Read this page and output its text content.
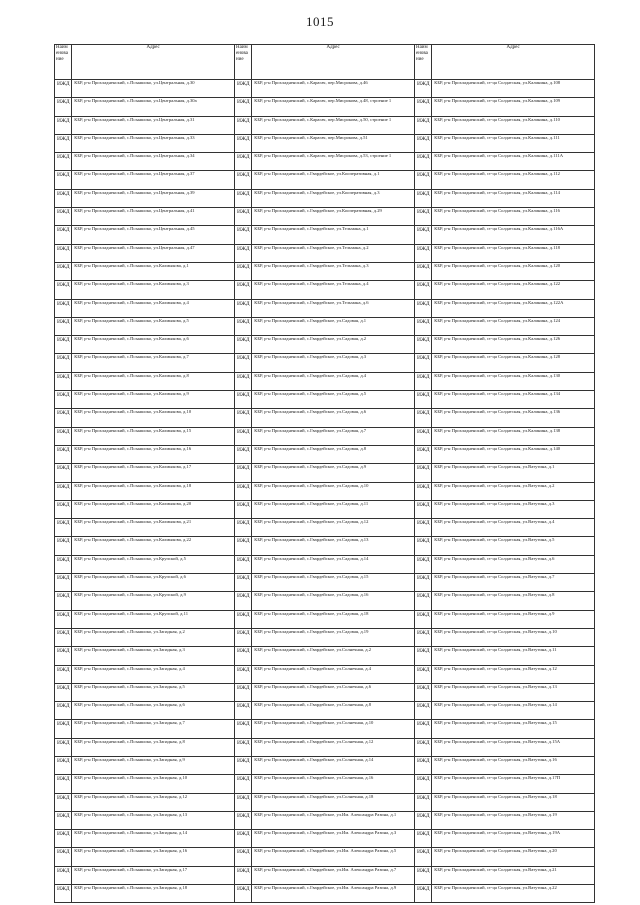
1015
Наим енова ние	Адрес	Наим енова ние	Адрес	Наим енова ние	Адрес
ИЖД	КБР, р-н Прохладненский, с.Псыншоко, ул.Центральная, д.30	ИЖД	КБР, р-н Прохладненский, с.Карагач, пер.Мисрокова, д.46	ИЖД	КБР, р-н Прохладненский, ст-ца Солдатская, ул.Калинина, д.108
ИЖД	КБР, р-н Прохладненский, с.Псыншоко, ул.Центральная, д.30а	ИЖД	КБР, р-н Прохладненский, с.Карагач, пер.Мисрокова, д.48, строение 1	ИЖД	КБР, р-н Прохладненский, ст-ца Солдатская, ул.Калинина, д.109
ИЖД	КБР, р-н Прохладненский, с.Псыншоко, ул.Центральная, д.31	ИЖД	КБР, р-н Прохладненский, с.Карагач, пер.Мисрокова, д.50, строение 1	ИЖД	КБР, р-н Прохладненский, ст-ца Солдатская, ул.Калинина, д.110
ИЖД	КБР, р-н Прохладненский, с.Псыншоко, ул.Центральная, д.33	ИЖД	КБР, р-н Прохладненский, с.Карагач, пер.Мисрокова, д.51	ИЖД	КБР, р-н Прохладненский, ст-ца Солдатская, ул.Калинина, д.111
ИЖД	КБР, р-н Прохладненский, с.Псыншоко, ул.Центральная, д.34	ИЖД	КБР, р-н Прохладненский, с.Карагач, пер.Мисрокова, д.53, строение 1	ИЖД	КБР, р-н Прохладненский, ст-ца Солдатская, ул.Калинина, д.111А
ИЖД	КБР, р-н Прохладненский, с.Псыншоко, ул.Центральная, д.37	ИЖД	КБР, р-н Прохладненский, с.Гвардейское, ул.Кооперативная, д.1	ИЖД	КБР, р-н Прохладненский, ст-ца Солдатская, ул.Калинина, д.112
ИЖД	КБР, р-н Прохладненский, с.Псыншоко, ул.Центральная, д.39	ИЖД	КБР, р-н Прохладненский, с.Гвардейское, ул.Кооперативная, д.3	ИЖД	КБР, р-н Прохладненский, ст-ца Солдатская, ул.Калинина, д.114
ИЖД	КБР, р-н Прохладненский, с.Псыншоко, ул.Центральная, д.41	ИЖД	КБР, р-н Прохладненский, с.Гвардейское, ул.Кооперативная, д.29	ИЖД	КБР, р-н Прохладненский, ст-ца Солдатская, ул.Калинина, д.116
ИЖД	КБР, р-н Прохладненский, с.Псыншоко, ул.Центральная, д.45	ИЖД	КБР, р-н Прохладненский, с.Гвардейское, ул.Тельмана, д.1	ИЖД	КБР, р-н Прохладненский, ст-ца Солдатская, ул.Калинина, д.116А
ИЖД	КБР, р-н Прохладненский, с.Псыншоко, ул.Центральная, д.47	ИЖД	КБР, р-н Прохладненский, с.Гвардейское, ул.Тельмана, д.2	ИЖД	КБР, р-н Прохладненский, ст-ца Солдатская, ул.Калинина, д.118
ИЖД	КБР, р-н Прохладненский, с.Псыншоко, ул.Калмыкова, д.1	ИЖД	КБР, р-н Прохладненский, с.Гвардейское, ул.Тельмана, д.3	ИЖД	КБР, р-н Прохладненский, ст-ца Солдатская, ул.Калинина, д.120
ИЖД	КБР, р-н Прохладненский, с.Псыншоко, ул.Калмыкова, д.3	ИЖД	КБР, р-н Прохладненский, с.Гвардейское, ул.Тельмана, д.4	ИЖД	КБР, р-н Прохладненский, ст-ца Солдатская, ул.Калинина, д.122
ИЖД	КБР, р-н Прохладненский, с.Псыншоко, ул.Калмыкова, д.4	ИЖД	КБР, р-н Прохладненский, с.Гвардейское, ул.Тельмана, д.6	ИЖД	КБР, р-н Прохладненский, ст-ца Солдатская, ул.Калинина, д.122А
ИЖД	КБР, р-н Прохладненский, с.Псыншоко, ул.Калмыкова, д.5	ИЖД	КБР, р-н Прохладненский, с.Гвардейское, ул.Садовая, д.1	ИЖД	КБР, р-н Прохладненский, ст-ца Солдатская, ул.Калинина, д.124
ИЖД	КБР, р-н Прохладненский, с.Псыншоко, ул.Калмыкова, д.6	ИЖД	КБР, р-н Прохладненский, с.Гвардейское, ул.Садовая, д.2	ИЖД	КБР, р-н Прохладненский, ст-ца Солдатская, ул.Калинина, д.126
ИЖД	КБР, р-н Прохладненский, с.Псыншоко, ул.Калмыкова, д.7	ИЖД	КБР, р-н Прохладненский, с.Гвардейское, ул.Садовая, д.3	ИЖД	КБР, р-н Прохладненский, ст-ца Солдатская, ул.Калинина, д.128
ИЖД	КБР, р-н Прохладненский, с.Псыншоко, ул.Калмыкова, д.8	ИЖД	КБР, р-н Прохладненский, с.Гвардейское, ул.Садовая, д.4	ИЖД	КБР, р-н Прохладненский, ст-ца Солдатская, ул.Калинина, д.130
ИЖД	КБР, р-н Прохладненский, с.Псыншоко, ул.Калмыкова, д.9	ИЖД	КБР, р-н Прохладненский, с.Гвардейское, ул.Садовая, д.5	ИЖД	КБР, р-н Прохладненский, ст-ца Солдатская, ул.Калинина, д.134
ИЖД	КБР, р-н Прохладненский, с.Псыншоко, ул.Калмыкова, д.10	ИЖД	КБР, р-н Прохладненский, с.Гвардейское, ул.Садовая, д.6	ИЖД	КБР, р-н Прохладненский, ст-ца Солдатская, ул.Калинина, д.136
ИЖД	КБР, р-н Прохладненский, с.Псыншоко, ул.Калмыкова, д.15	ИЖД	КБР, р-н Прохладненский, с.Гвардейское, ул.Садовая, д.7	ИЖД	КБР, р-н Прохладненский, ст-ца Солдатская, ул.Калинина, д.138
ИЖД	КБР, р-н Прохладненский, с.Псыншоко, ул.Калмыкова, д.16	ИЖД	КБР, р-н Прохладненский, с.Гвардейское, ул.Садовая, д.8	ИЖД	КБР, р-н Прохладненский, ст-ца Солдатская, ул.Калинина, д.140
ИЖД	КБР, р-н Прохладненский, с.Псыншоко, ул.Калмыкова, д.17	ИЖД	КБР, р-н Прохладненский, с.Гвардейское, ул.Садовая, д.9	ИЖД	КБР, р-н Прохладненский, ст-ца Солдатская, ул.Ватутина, д.1
ИЖД	КБР, р-н Прохладненский, с.Псыншоко, ул.Калмыкова, д.18	ИЖД	КБР, р-н Прохладненский, с.Гвардейское, ул.Садовая, д.10	ИЖД	КБР, р-н Прохладненский, ст-ца Солдатская, ул.Ватутина, д.2
ИЖД	КБР, р-н Прохладненский, с.Псыншоко, ул.Калмыкова, д.20	ИЖД	КБР, р-н Прохладненский, с.Гвардейское, ул.Садовая, д.11	ИЖД	КБР, р-н Прохладненский, ст-ца Солдатская, ул.Ватутина, д.3
ИЖД	КБР, р-н Прохладненский, с.Псыншоко, ул.Калмыкова, д.21	ИЖД	КБР, р-н Прохладненский, с.Гвардейское, ул.Садовая, д.12	ИЖД	КБР, р-н Прохладненский, ст-ца Солдатская, ул.Ватутина, д.4
ИЖД	КБР, р-н Прохладненский, с.Псыншоко, ул.Калмыкова, д.22	ИЖД	КБР, р-н Прохладненский, с.Гвардейское, ул.Садовая, д.13	ИЖД	КБР, р-н Прохладненский, ст-ца Солдатская, ул.Ватутина, д.5
ИЖД	КБР, р-н Прохладненский, с.Псыншоко, ул.Крупской, д.5	ИЖД	КБР, р-н Прохладненский, с.Гвардейское, ул.Садовая, д.14	ИЖД	КБР, р-н Прохладненский, ст-ца Солдатская, ул.Ватутина, д.6
ИЖД	КБР, р-н Прохладненский, с.Псыншоко, ул.Крупской, д.6	ИЖД	КБР, р-н Прохладненский, с.Гвардейское, ул.Садовая, д.15	ИЖД	КБР, р-н Прохладненский, ст-ца Солдатская, ул.Ватутина, д.7
ИЖД	КБР, р-н Прохладненский, с.Псыншоко, ул.Крупской, д.9	ИЖД	КБР, р-н Прохладненский, с.Гвардейское, ул.Садовая, д.16	ИЖД	КБР, р-н Прохладненский, ст-ца Солдатская, ул.Ватутина, д.8
ИЖД	КБР, р-н Прохладненский, с.Псыншоко, ул.Крупской, д.11	ИЖД	КБР, р-н Прохладненский, с.Гвардейское, ул.Садовая, д.18	ИЖД	КБР, р-н Прохладненский, ст-ца Солдатская, ул.Ватутина, д.9
ИЖД	КБР, р-н Прохладненский, с.Псыншоко, ул.Западная, д.2	ИЖД	КБР, р-н Прохладненский, с.Гвардейское, ул.Садовая, д.19	ИЖД	КБР, р-н Прохладненский, ст-ца Солдатская, ул.Ватутина, д.10
ИЖД	КБР, р-н Прохладненский, с.Псыншоко, ул.Западная, д.3	ИЖД	КБР, р-н Прохладненский, с.Гвардейское, ул.Солнечная, д.2	ИЖД	КБР, р-н Прохладненский, ст-ца Солдатская, ул.Ватутина, д.11
ИЖД	КБР, р-н Прохладненский, с.Псыншоко, ул.Западная, д.4	ИЖД	КБР, р-н Прохладненский, с.Гвардейское, ул.Солнечная, д.4	ИЖД	КБР, р-н Прохладненский, ст-ца Солдатская, ул.Ватутина, д.12
ИЖД	КБР, р-н Прохладненский, с.Псыншоко, ул.Западная, д.5	ИЖД	КБР, р-н Прохладненский, с.Гвардейское, ул.Солнечная, д.6	ИЖД	КБР, р-н Прохладненский, ст-ца Солдатская, ул.Ватутина, д.13
ИЖД	КБР, р-н Прохладненский, с.Псыншоко, ул.Западная, д.6	ИЖД	КБР, р-н Прохладненский, с.Гвардейское, ул.Солнечная, д.8	ИЖД	КБР, р-н Прохладненский, ст-ца Солдатская, ул.Ватутина, д.14
ИЖД	КБР, р-н Прохладненский, с.Псыншоко, ул.Западная, д.7	ИЖД	КБР, р-н Прохладненский, с.Гвардейское, ул.Солнечная, д.10	ИЖД	КБР, р-н Прохладненский, ст-ца Солдатская, ул.Ватутина, д.15
ИЖД	КБР, р-н Прохладненский, с.Псыншоко, ул.Западная, д.8	ИЖД	КБР, р-н Прохладненский, с.Гвардейское, ул.Солнечная, д.12	ИЖД	КБР, р-н Прохладненский, ст-ца Солдатская, ул.Ватутина, д.15А
ИЖД	КБР, р-н Прохладненский, с.Псыншоко, ул.Западная, д.9	ИЖД	КБР, р-н Прохладненский, с.Гвардейское, ул.Солнечная, д.14	ИЖД	КБР, р-н Прохладненский, ст-ца Солдатская, ул.Ватутина, д.16
ИЖД	КБР, р-н Прохладненский, с.Псыншоко, ул.Западная, д.10	ИЖД	КБР, р-н Прохладненский, с.Гвардейское, ул.Солнечная, д.16	ИЖД	КБР, р-н Прохладненский, ст-ца Солдатская, ул.Ватутина, д.17П
ИЖД	КБР, р-н Прохладненский, с.Псыншоко, ул.Западная, д.12	ИЖД	КБР, р-н Прохладненский, с.Гвардейское, ул.Солнечная, д.18	ИЖД	КБР, р-н Прохладненский, ст-ца Солдатская, ул.Ватутина, д.18
ИЖД	КБР, р-н Прохладненский, с.Псыншоко, ул.Западная, д.13	ИЖД	КБР, р-н Прохладненский, с.Гвардейское, ул.Им. Александра Разина, д.1	ИЖД	КБР, р-н Прохладненский, ст-ца Солдатская, ул.Ватутина, д.19
ИЖД	КБР, р-н Прохладненский, с.Псыншоко, ул.Западная, д.14	ИЖД	КБР, р-н Прохладненский, с.Гвардейское, ул.Им. Александра Разина, д.3	ИЖД	КБР, р-н Прохладненский, ст-ца Солдатская, ул.Ватутина, д.19А
ИЖД	КБР, р-н Прохладненский, с.Псыншоко, ул.Западная, д.16	ИЖД	КБР, р-н Прохладненский, с.Гвардейское, ул.Им. Александра Разина, д.5	ИЖД	КБР, р-н Прохладненский, ст-ца Солдатская, ул.Ватутина, д.20
ИЖД	КБР, р-н Прохладненский, с.Псыншоко, ул.Западная, д.17	ИЖД	КБР, р-н Прохладненский, с.Гвардейское, ул.Им. Александра Разина, д.7	ИЖД	КБР, р-н Прохладненский, ст-ца Солдатская, ул.Ватутина, д.21
ИЖД	КБР, р-н Прохладненский, с.Псыншоко, ул.Западная, д.18	ИЖД	КБР, р-н Прохладненский, с.Гвардейское, ул.Им. Александра Разина, д.9	ИЖД	КБР, р-н Прохладненский, ст-ца Солдатская, ул.Ватутина, д.22
